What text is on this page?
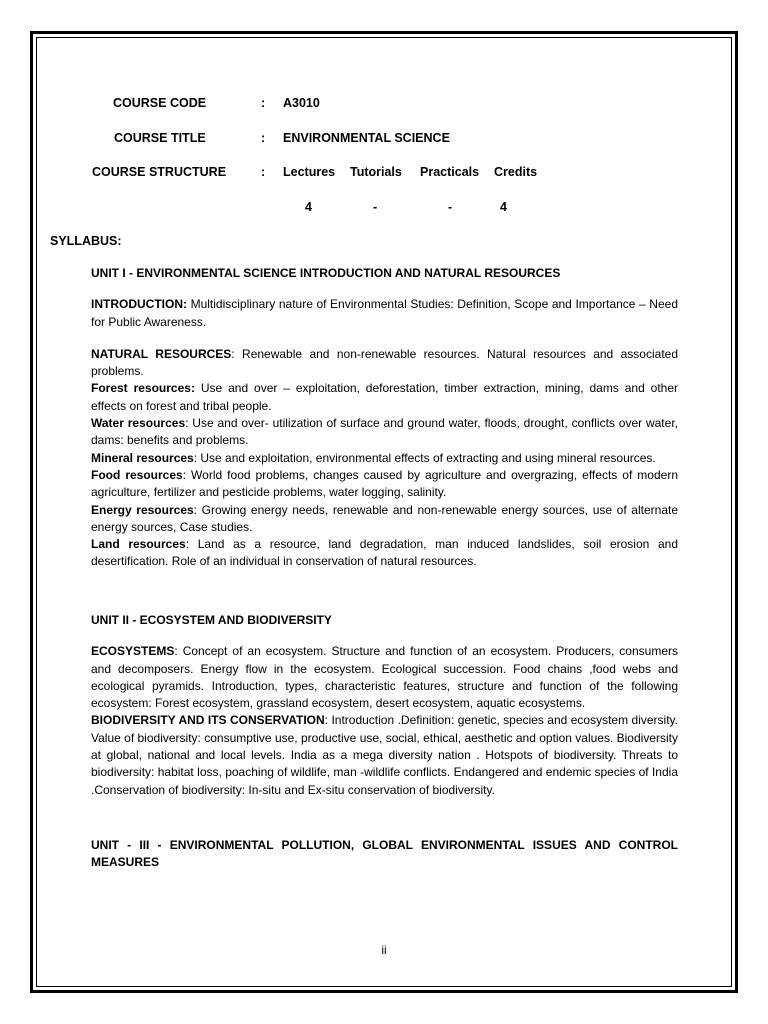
COURSE CODE	: A3010
COURSE TITLE	: ENVIRONMENTAL SCIENCE
COURSE STRUCTURE	: Lectures Tutorials Practicals Credits
4	-	-	4
SYLLABUS:

UNIT I - ENVIRONMENTAL SCIENCE INTRODUCTION AND NATURAL RESOURCES

INTRODUCTION: Multidisciplinary nature of Environmental Studies: Definition, Scope and Importance – Need for Public Awareness.

NATURAL RESOURCES: Renewable and non-renewable resources. Natural resources and associated problems.

Forest resources: Use and over – exploitation, deforestation, timber extraction, mining, dams and other effects on forest and tribal people.

Water resources: Use and over- utilization of surface and ground water, floods, drought, conflicts over water, dams: benefits and problems.

Mineral resources: Use and exploitation, environmental effects of extracting and using mineral resources.

Food resources: World food problems, changes caused by agriculture and overgrazing, effects of modern agriculture, fertilizer and pesticide problems, water logging, salinity.

Energy resources: Growing energy needs, renewable and non-renewable energy sources, use of alternate energy sources, Case studies.

Land resources: Land as a resource, land degradation, man induced landslides, soil erosion and desertification. Role of an individual in conservation of natural resources.

UNIT II - ECOSYSTEM AND BIODIVERSITY

ECOSYSTEMS: Concept of an ecosystem. Structure and function of an ecosystem. Producers, consumers and decomposers. Energy flow in the ecosystem. Ecological succession. Food chains ,food webs and ecological pyramids. Introduction, types, characteristic features, structure and function of the following ecosystem: Forest ecosystem, grassland ecosystem, desert ecosystem, aquatic ecosystems.

BIODIVERSITY AND ITS CONSERVATION: Introduction .Definition: genetic, species and ecosystem diversity. Value of biodiversity: consumptive use, productive use, social, ethical, aesthetic and option values. Biodiversity at global, national and local levels. India as a mega diversity nation . Hotspots of biodiversity. Threats to biodiversity: habitat loss, poaching of wildlife, man -wildlife conflicts. Endangered and endemic species of India .Conservation of biodiversity: In-situ and Ex-situ conservation of biodiversity.

UNIT - III - ENVIRONMENTAL POLLUTION, GLOBAL ENVIRONMENTAL ISSUES AND CONTROL MEASURES

ii
